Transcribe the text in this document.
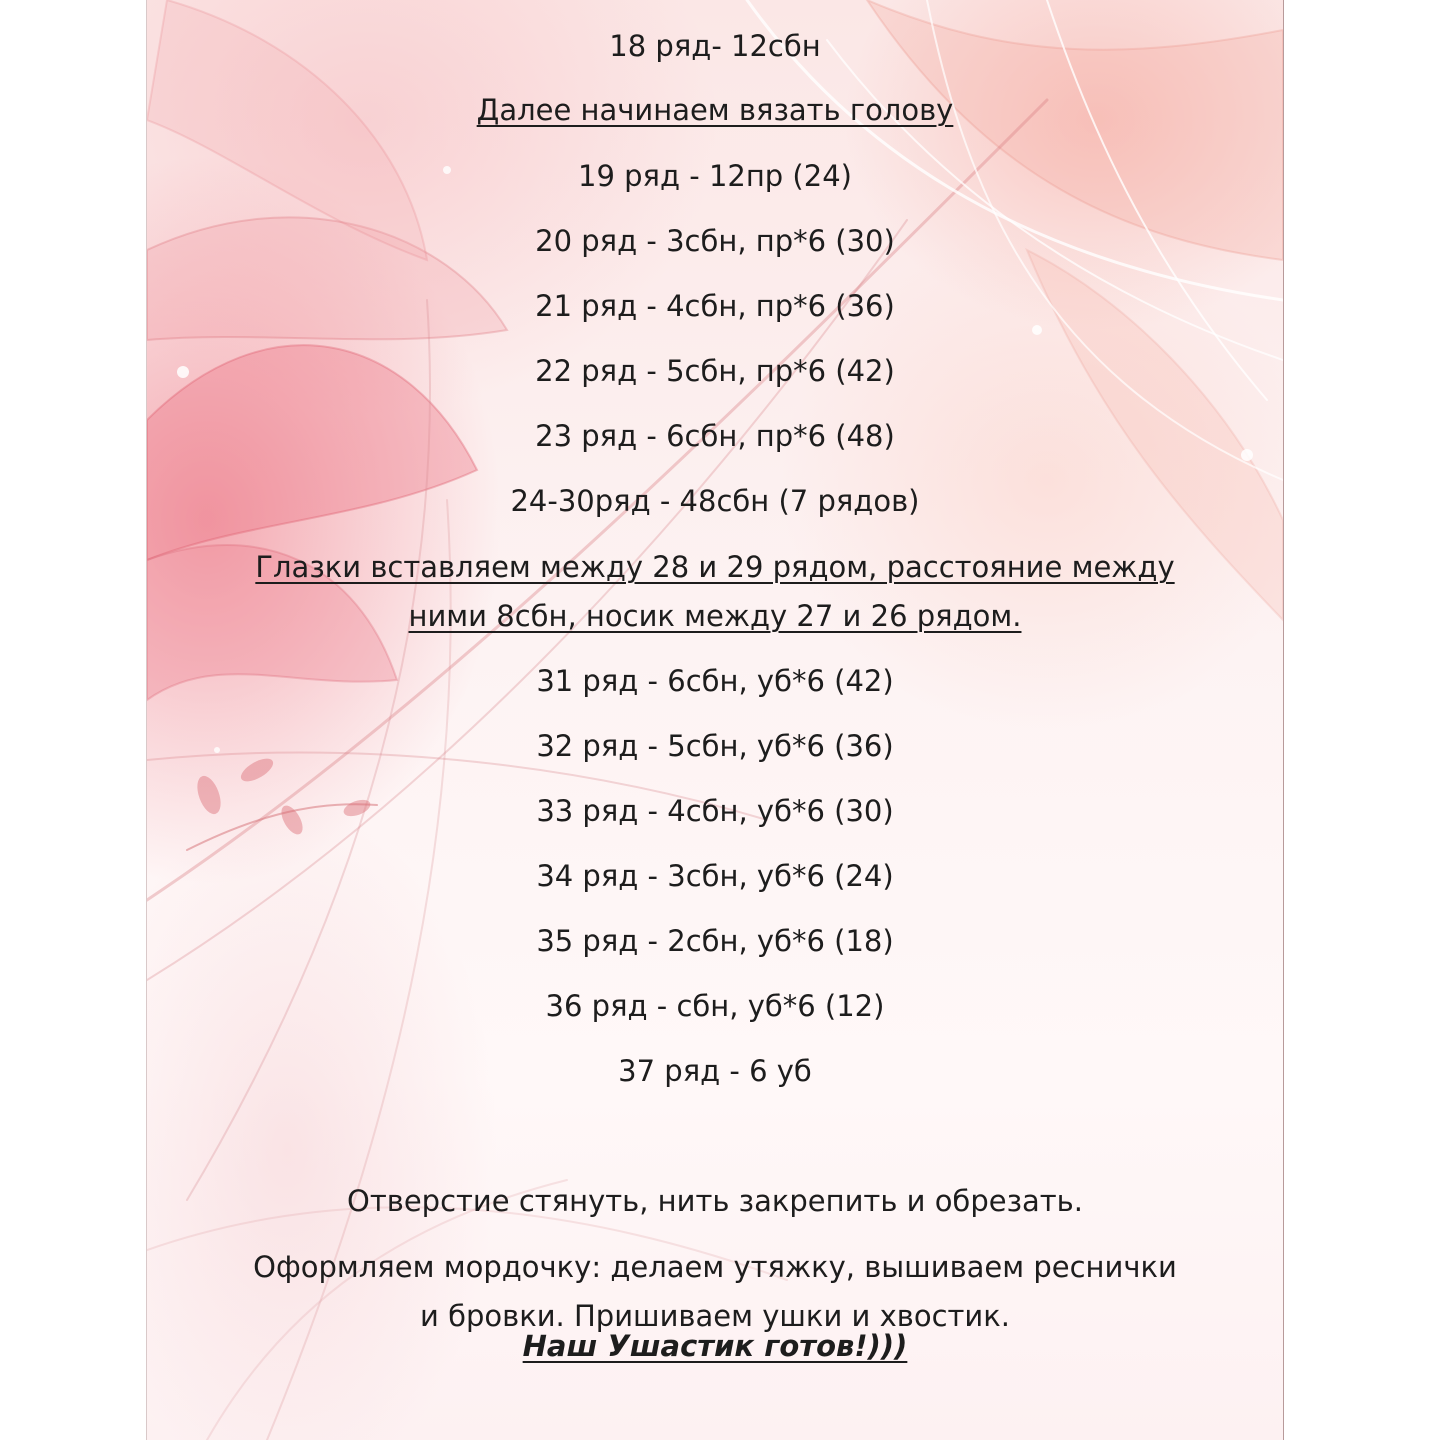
18 ряд- 12сбн
Далее начинаем вязать голову
19 ряд - 12пр (24)
20 ряд - 3сбн, пр*6 (30)
21 ряд - 4сбн, пр*6 (36)
22 ряд - 5сбн, пр*6 (42)
23 ряд - 6сбн, пр*6 (48)
24-30ряд - 48сбн (7 рядов)
Глазки вставляем между 28 и 29 рядом, расстояние между
ними 8сбн, носик между 27 и 26 рядом.
31 ряд - 6сбн, уб*6 (42)
32 ряд - 5сбн, уб*6 (36)
33 ряд - 4сбн, уб*6 (30)
34 ряд - 3сбн, уб*6 (24)
35 ряд - 2сбн, уб*6 (18)
36 ряд - сбн, уб*6 (12)
37 ряд - 6 уб
Отверстие стянуть, нить закрепить и обрезать.
Оформляем мордочку: делаем утяжку, вышиваем реснички
и бровки. Пришиваем ушки и хвостик.
Наш Ушастик готов!)))
